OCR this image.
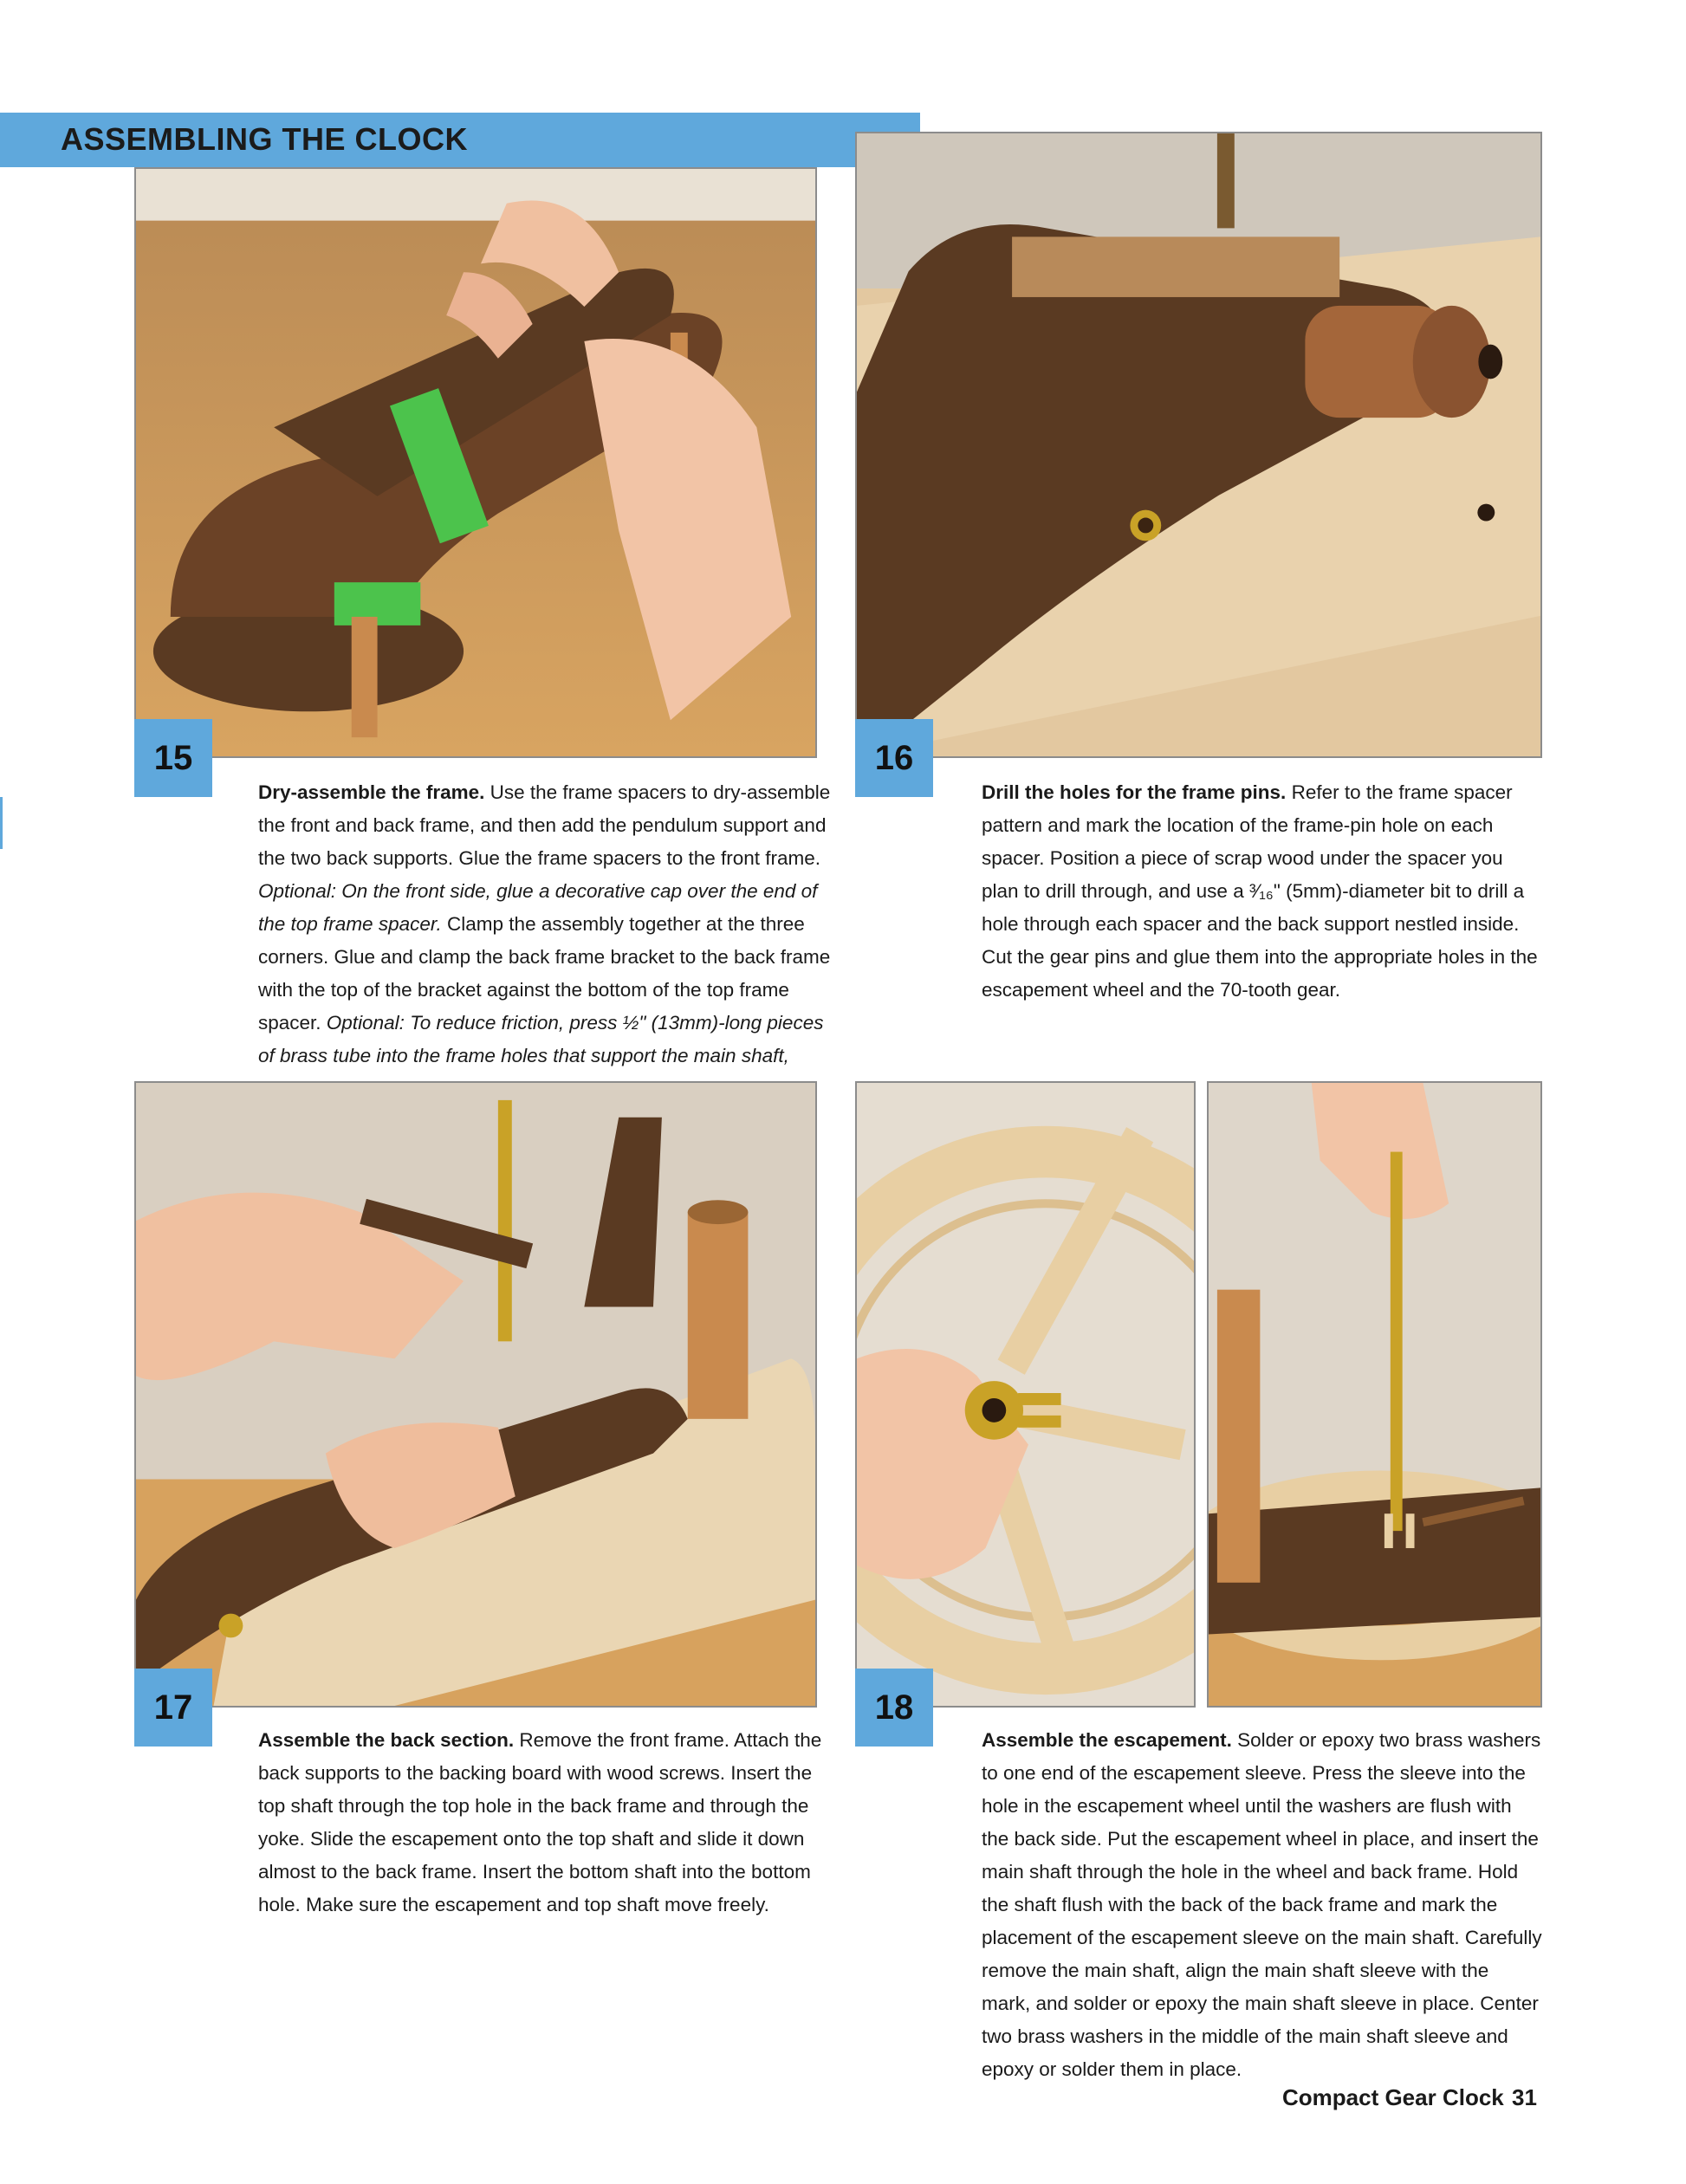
ASSEMBLING THE CLOCK
15
Dry-assemble the frame. Use the frame spacers to dry-assemble the front and back frame, and then add the pendulum support and the two back supports. Glue the frame spacers to the front frame. Optional: On the front side, glue a decorative cap over the end of the top frame spacer. Clamp the assembly together at the three corners. Glue and clamp the back frame bracket to the back frame with the top of the bracket against the bottom of the top frame spacer. Optional: To reduce friction, press ½" (13mm)-long pieces of brass tube into the frame holes that support the main shaft,
16
Drill the holes for the frame pins. Refer to the frame spacer pattern and mark the location of the frame-pin hole on each spacer. Position a piece of scrap wood under the spacer you plan to drill through, and use a ³⁄₁₆" (5mm)-diameter bit to drill a hole through each spacer and the back support nestled inside. Cut the gear pins and glue them into the appropriate holes in the escapement wheel and the 70-tooth gear.
17
Assemble the back section. Remove the front frame. Attach the back supports to the backing board with wood screws. Insert the top shaft through the top hole in the back frame and through the yoke. Slide the escapement onto the top shaft and slide it down almost to the back frame. Insert the bottom shaft into the bottom hole. Make sure the escapement and top shaft move freely.
18
Assemble the escapement. Solder or epoxy two brass washers to one end of the escapement sleeve. Press the sleeve into the hole in the escapement wheel until the washers are flush with the back side. Put the escapement wheel in place, and insert the main shaft through the hole in the wheel and back frame. Hold the shaft flush with the back of the back frame and mark the placement of the escapement sleeve on the main shaft. Carefully remove the main shaft, align the main shaft sleeve with the mark, and solder or epoxy the main shaft sleeve in place. Center two brass washers in the middle of the main shaft sleeve and epoxy or solder them in place.
Compact Gear Clock 31
